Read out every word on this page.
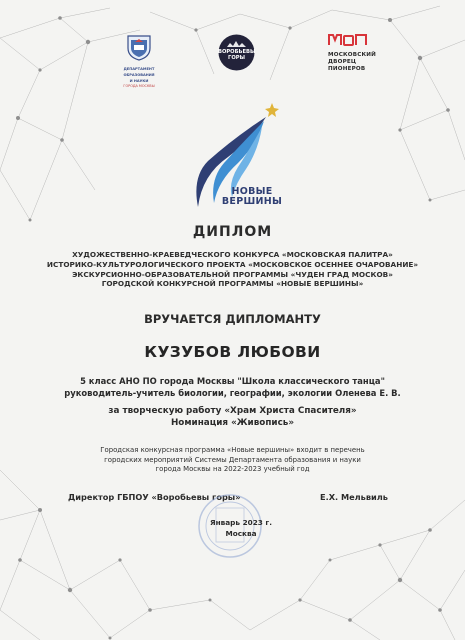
ДЕПАРТАМЕНТ
ОБРАЗОВАНИЯ
И НАУКИ
ГОРОДА МОСКВЫ
ВОРОБЬЕВЫ
ГОРЫ	МОСКОВСКИЙ
ДВОРЕЦ
ПИОНЕРОВ
НОВЫЕ
ВЕРШИНЫ
ДИПЛОМ
ХУДОЖЕСТВЕННО-КРАЕВЕДЧЕСКОГО КОНКУРСА «МОСКОВСКАЯ ПАЛИТРА»
ИСТОРИКО-КУЛЬТУРОЛОГИЧЕСКОГО ПРОЕКТА «МОСКОВСКОЕ ОСЕННЕЕ ОЧАРОВАНИЕ»
ЭКСКУРСИОННО-ОБРАЗОВАТЕЛЬНОЙ ПРОГРАММЫ «ЧУДЕН ГРАД МОСКОВ»
ГОРОДСКОЙ КОНКУРСНОЙ ПРОГРАММЫ «НОВЫЕ ВЕРШИНЫ»
ВРУЧАЕТСЯ ДИПЛОМАНТУ
КУЗУБОВ ЛЮБОВИ
5 класс АНО ПО города Москвы "Школа классического танца"
руководитель-учитель биологии, географии, экологии Оленева Е. В.
за творческую работу «Храм Христа Спасителя»
Номинация «Живопись»
Городская конкурсная программа «Новые вершины» входит в перечень
городских мероприятий Системы Департамента образования и науки
города Москвы на 2022-2023 учебный год
Директор ГБПОУ «Воробьевы горы»	Е.Х. Мельвиль
Январь 2023 г.
Москва
